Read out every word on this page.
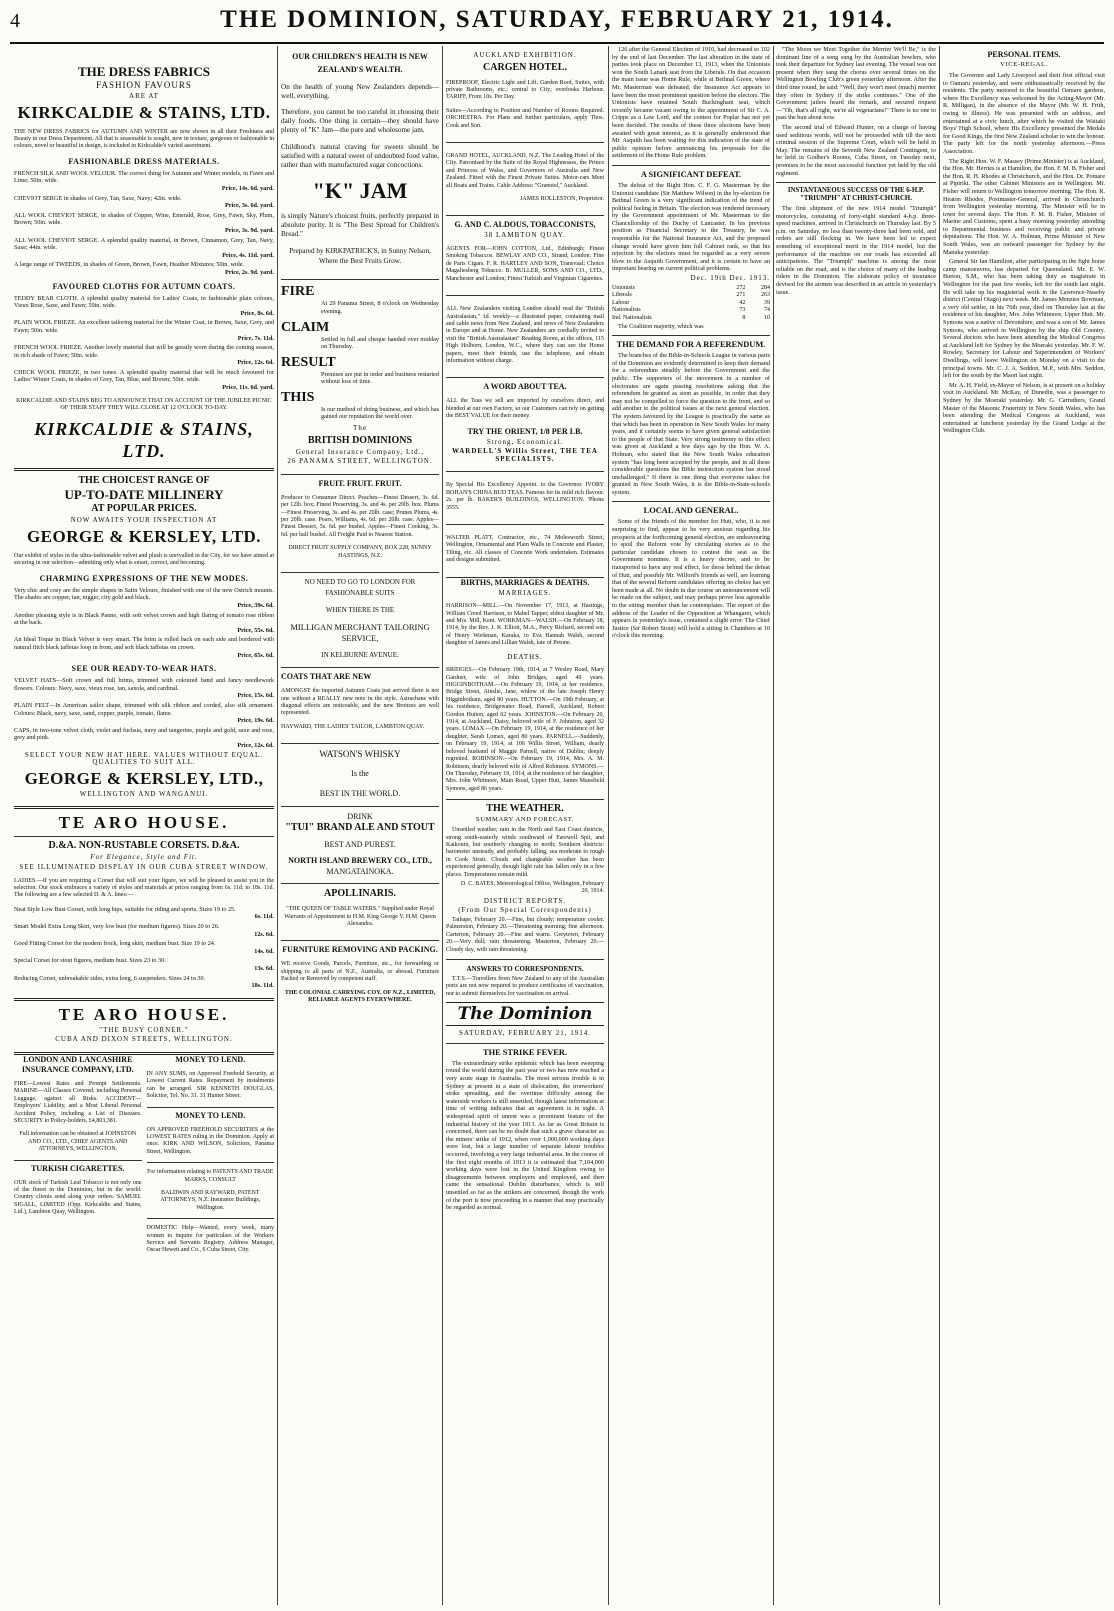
4	THE DOMINION, SATURDAY, FEBRUARY 21, 1914.
THE DRESS FABRICS
FASHION FAVOURS
ARE AT
KIRKCALDIE & STAINS, LTD.

THE NEW DRESS FABRICS for AUTUMN AND WINTER are now shown in all their Freshness and Beauty in our Dress Department. All that is seasonable is sought, new in texture, gorgeous or fashionable in colours, novel or beautiful in design, is included in Kirkcaldie's varied assortment.

FASHIONABLE DRESS MATERIALS.
FRENCH SILK AND WOOL VELOUR. The correct thing for Autumn and Winter models, in Fawn and Lime; 50in. wide.
Price, 14s. 6d. yard.
CHEVIOT SERGE in shades of Grey, Tan, Saxe, Navy; 42in. wide.
Price, 3s. 6d. yard.
ALL WOOL CHEVIOT SERGE, in shades of Copper, Wine, Emerald, Rose, Grey, Fawn, Sky, Plum, Brown; 50in. wide.
Price, 3s. 9d. yard.
ALL WOOL CHEVIOT SERGE. A splendid quality material, in Brown, Cinnamon, Grey, Tan, Navy, Saxe; 44in. wide.
Price, 4s. 11d. yard.
A large range of TWEEDS, in shades of Green, Brown, Fawn, Heather Mixtures; 50in. wide.
Price, 2s. 9d. yard.
FAVOURED CLOTHS FOR AUTUMN COATS.
TEDDY BEAR CLOTH. A splendid quality material for Ladies' Coats, in fashionable plain colours, Vieux Rose, Saxe, and Fawn; 50in. wide.
Price, 8s. 6d.
PLAIN WOOL FRIEZE. An excellent tailoring material for the Winter Coat, in Brown, Saxe, Grey, and Fawn; 50in. wide.
Price, 7s. 11d.
FRENCH WOOL FRIEZE. Another lovely material that will be greatly worn during the coming season, in rich shade of Fawn; 50in. wide.
Price, 12s. 6d.
CHECK WOOL FRIEZE, in two tones. A splendid quality material that will be much favoured for Ladies' Winter Coats, in shades of Grey, Tan, Blue, and Brown; 50in. wide.
Price, 11s. 6d. yard.

KIRKCALDIE AND STAINS BEG TO ANNOUNCE THAT ON ACCOUNT OF THE JUBILEE PICNIC OF THEIR STAFF THEY WILL CLOSE AT 12 O'CLOCK TO-DAY.

KIRKCALDIE & STAINS, LTD.
THE CHOICEST RANGE OF
UP-TO-DATE MILLINERY
AT POPULAR PRICES.
NOW AWAITS YOUR INSPECTION AT
GEORGE & KERSLEY, LTD.

Our exhibit of styles in the ultra-fashionable velvet and plush is unrivalled in the City, for we have aimed at securing in our selection—admitting only what is smart, correct, and becoming.

CHARMING EXPRESSIONS OF THE NEW MODES.
Very chic and cosy are the simple shapes in Satin Velours, finished with one of the new Ostrich mounts. The shades are copper, tan, nigger, city gold and black.
Price, 39s. 6d.
Another pleasing style is in Black Panne, with soft velvet crown and high flaring of tomato rose ribbon at the back.
Price, 55s. 6d.
An Ideal Toque in Black Velvet is very smart. The brim is rolled back on each side and bordered with natural fitch black taffetas loop in front, and soft black taffetas on crown.
Price, 65s. 6d.
SEE OUR READY-TO-WEAR HATS.
VELVET HATS—Soft crown and full brims, trimmed with coloured band and fancy needlework flowers. Colours: Navy, saxe, vieux rose, tan, saxola, and cardinal.
Price, 15s. 6d.
PLAIN FELT—In American sailor shape, trimmed with silk ribbon and corded, also silk ornament. Colours: Black, navy, saxe, sand, copper, purple, tomato, flame.
Price, 19s. 6d.
CAPS, in two-tone velvet cloth, violet and fuchsia, navy and tangerine, purple and gold, saxe and rose, grey and pink.
Price, 12s. 6d.
SELECT YOUR NEW HAT HERE. VALUES WITHOUT EQUAL. QUALITIES TO SUIT ALL.
GEORGE & KERSLEY, LTD.,
WELLINGTON AND WANGANUI.
TE ARO HOUSE.
D.&A. NON-RUSTABLE CORSETS. D.&A.
For Elegance, Style and Fit.
SEE ILLUMINATED DISPLAY IN OUR CUBA STREET WINDOW.

LADIES.—If you are requiring a Corset that will suit your figure, we will be pleased to assist you in the selection. Our stock embraces a variety of styles and materials at prices ranging from 6s. 11d. to 18s. 11d. The following are a few selected D. & A. lines:—

Neat Style Low Bust Corset, with long hips, suitable for riding and sports. Sizes 19 to 25.
6s. 11d.
Smart Model Extra Long Skirt, very low bust (for medium figures). Sizes 20 to 26.
12s. 6d.
Good Fitting Corset for the modern frock, long skirt, medium bust. Size 19 to 24.
14s. 6d.
Special Corset for stout figures, medium bust. Sizes 23 to 30.
13s. 6d.
Reducing Corset, unbreakable sides, extra long, 6 suspenders. Sizes 24 to 30.
18s. 11d.
TE ARO HOUSE.
"THE BUSY CORNER."
CUBA AND DIXON STREETS, WELLINGTON.
LONDON AND LANCASHIRE INSURANCE COMPANY, LTD.

FIRE—Lowest Rates and Prompt Settlements. MARINE—All Classes Covered, including Personal Luggage, against all Risks. ACCIDENT—Employers' Liability, and a Most Liberal Personal Accident Policy, including a List of Diseases. SECURITY to Policy-holders, £4,803,381.

Full information can be obtained at JOHNSTON AND CO., LTD., CHIEF AGENTS AND ATTORNEYS, WELLINGTON.

TURKISH CIGARETTES.

OUR stock of Turkish Leaf Tobacco is not only one of the finest in the Dominion, but in the world. Country clients send along your orders. SAMUEL SIGALL, LIMITED (Opp. Kirkcaldie and Stains, Ltd.), Lambton Quay, Wellington.

MONEY TO LEND.

IN ANY SUMS, on Approved Freehold Security, at Lowest Current Rates. Repayment by instalments can be arranged. SIR KENNETH DOUGLAS, Solicitor, Tel. No. 31. 31 Hunter Street.

MONEY TO LEND.

ON APPROVED FREEHOLD SECURITIES at the LOWEST RATES ruling in the Dominion. Apply at once. KIRK AND WILSON, Solicitors, Panama Street, Wellington.

For information relating to PATENTS AND TRADE MARKS, CONSULT

BALDWIN AND RAYWARD, PATENT ATTORNEYS, N.Z. Insurance Buildings, Wellington.

DOMESTIC Help—Wanted, every week, many women to inquire for particulars of the Workers Service and Servants Registry. Address Manager, Oscar Hewett and Co., 6 Cuba Street, City.

OUR CHILDREN'S HEALTH IS NEW ZEALAND'S WEALTH.

On the health of young New Zealanders depends—well, everything.

Therefore, you cannot be too careful in choosing their daily foods. One thing is certain—they should have plenty of "K" Jam—the pure and wholesome jam.

Childhood's natural craving for sweets should be satisfied with a natural sweet of undoubted food value, rather than with manufactured sugar concoctions.

"K" JAM

is simply Nature's choicest fruits, perfectly prepared in absolute purity. It is "The Best Spread for Children's Bread."

Prepared by KIRKPATRICK'S, in Sunny Nelson, Where the Best Fruits Grow.

FIRE

At 29 Panama Street, 8 o'clock on Wednesday evening.

CLAIM

Settled in full and cheque handed over midday on Thursday.

RESULT

Premises are put in order and business restarted without loss of time.

THIS

Is our method of doing business, and which has gained our reputation the world over.

The
BRITISH DOMINIONS
General Insurance Company, Ltd.,
26 PANAMA STREET, WELLINGTON.
FRUIT. FRUIT. FRUIT.

Producer to Consumer Direct. Peaches—Finest Dessert, 3s. 6d. per 12lb. box; Finest Preserving, 3s. and 4s. per 20lb. box. Plums—Finest Preserving, 3s. and 4s. per 20lb. case; Prunes Plums, 4s. per 20lb. case. Pears, Williams, 4s. 6d. per 20lb. case. Apples—Finest Dessert, 5s. 6d. per bushel. Apples—Finest Cooking, 3s. 6d. per half bushel. All Freight Paid to Nearest Station.

DIRECT FRUIT SUPPLY COMPANY, BOX 228, SUNNY HASTINGS, N.Z.

NO NEED TO GO TO LONDON FOR FASHIONABLE SUITS
WHEN THERE IS THE
MILLIGAN MERCHANT TAILORING SERVICE,
IN KELBURNE AVENUE.
COATS THAT ARE NEW

AMONGST the imported Autumn Coats just arrived there is not one without a REALLY new note in the style. Astrachans with diagonal effects are noticeable, and the new Bronzes are well represented.

HAYWARD, THE LADIES' TAILOR, LAMBTON QUAY.

WATSON'S WHISKY
Is the
BEST IN THE WORLD.
DRINK
"TUI" BRAND ALE AND STOUT
BEST AND PUREST.
NORTH ISLAND BREWERY CO., LTD.,
MANGATAINOKA.
APOLLINARIS.

"THE QUEEN OF TABLE WATERS." Supplied under Royal Warrants of Appointment to H.M. King George V. H.M. Queen Alexandra.

FURNITURE REMOVING AND PACKING.

WE receive Goods, Parcels, Furniture, etc., for forwarding or shipping to all parts of N.Z., Australia, or abroad. Furniture Packed or Removed by competent staff.

THE COLONIAL CARRYING COY. OF N.Z., LIMITED, RELIABLE AGENTS EVERYWHERE.

AUCKLAND EXHIBITION.
CARGEN HOTEL.

FIREPROOF, Electric Light and Lift. Garden Roof, Suites, with private Bathrooms, etc.; central to City; overlooks Harbour. TARIFF, From 10s. Per Day.

Suites—According to Position and Number of Rooms Required. ORCHESTRA. For Plans and further particulars, apply Thos. Cook and Son.

GRAND HOTEL, AUCKLAND, N.Z. The Leading Hotel of the City. Patronised by the Suite of the Royal Highnesses, the Prince and Princess of Wales, and Governors of Australia and New Zealand. Fitted with the Finest Private Suites. Motor-cars Meet all Boats and Trains. Cable Address: "Granotel," Auckland.

JAMES ROLLESTON, Proprietor.

G. AND C. ALDOUS, TOBACCONISTS,
38 LAMBTON QUAY.

AGENTS FOR—JOHN COTTON, Ltd., Edinburgh; Finest Smoking Tobaccos. BEWLAY AND CO., Strand, London: Fine de Paris Cigars. F. R. HARTLEY AND SON, Transvaal; Choice Magaliesberg Tobacco. B. MULLER, SONS AND CO., LTD., Manchester and London; Finest Turkish and Virginian Cigarettes.

ALL New Zealanders visiting London should read the "British Australasian," 1d. weekly—a illustrated paper, containing mail and cable news from New Zealand, and news of New Zealanders in Europe and at Home. New Zealanders are cordially invited to visit the "British Australasian" Reading Room, at the offices, 115 High Holborn, London, W.C., where they can see the Home papers, meet their friends, use the telephone, and obtain information without charge.

A WORD ABOUT TEA.

ALL the Teas we sell are imported by ourselves direct, and blended at our own Factory, so our Customers can rely on getting the BEST VALUE for their money.

TRY THE ORIENT, 1/8 PER LB.
Strong, Economical.
WARDELL'S Willis Street, THE TEA SPECIALISTS.

By Special His Excellency Appoint. to the Governor. IVORY BOHAN'S CHINA BUD TEAS. Famous for its mild rich flavour. 2s. per lb. BAKER'S BUILDINGS, WELLINGTON. 'Phone 3555.

WALTER PLATT, Contractor, etc., 74 Molesworth Street, Wellington, Ornamental and Plain Walls in Concrete and Plaster, Tiling, etc. All classes of Concrete Work undertaken. Estimates and designs submitted.

BIRTHS, MARRIAGES & DEATHS.
MARRIAGES.

HARRISON—MILL.—On November 17, 1913, at Hastings, William Creed Harrison, to Mabel Tapper, eldest daughter of Mr. and Mrs. Mill, Kent. WORKMAN—WALSH.—On February 18, 1914, by the Rev. J. K. Elliott, M.A., Percy Richard, second son of Henry Workman, Karaka, to Eva Hannah Walsh, second daughter of James and Lillian Walsh, late of Petone.

DEATHS.

BRIDGES.—On February 19th, 1914, at 7 Wesley Road, Mary Gardner, wife of John Bridges, aged 49 years. HIGGINBOTHAM.—On February 19, 1914, at her residence, Bridge Street, Ainslie, Jane, widow of the late Joseph Henry Higginbotham, aged 80 years. HUTTON.—On 19th February, at his residence, Bridgewater Road, Parnell, Auckland, Robert Gordon Hutton, aged 62 years. JOHNSTON.—On February 20, 1914, at Auckland, Daisy, beloved wife of F. Johnston, aged 32 years. LOMAX.—On February 19, 1914, at the residence of her daughter, Sarah Lomax, aged 80 years. PARNELL.—Suddenly, on February 19, 1914, at 106 Willis Street, William, dearly beloved husband of Maggie Parnell, native of Dublin; deeply regretted. ROBINSON.—On February 19, 1914, Mrs. A. M. Robinson, dearly beloved wife of Alfred Robinson. SYMONS.—On Thursday, February 19, 1914, at the residence of her daughter, Mrs. John Whitmore, Main Road, Upper Hutt, James Mansfield Symons, aged 86 years.

THE WEATHER.
SUMMARY AND FORECAST.

Unsettled weather, rain in the North and East Coast districts, strong south-easterly winds southward of Farewell Spit, and Kaikoura, but southerly changing to north; Southern districts: barometer unsteady, and probably falling, sea moderate to rough in Cook Strait. Clouds and changeable weather has been experienced generally, though light rain has fallen only in a few places. Temperatures remain mild.

D. C. BATES, Meteorological Office, Wellington, February 20, 1914.

DISTRICT REPORTS.
(From Our Special Correspondents)

Taihape, February 20.—Fine, but cloudy; temperature cooler. Palmerston, February 20.—Threatening morning; fine afternoon. Carterton, February 20.—Fine and warm. Greytown, February 20.—Very dull; rain threatening. Masterton, February 20.—Cloudy day, with rain threatening.

ANSWERS TO CORRESPONDENTS.

T.T.S.—Travellers from New Zealand to any of the Australian ports are not now required to produce certificates of vaccination, nor to submit themselves for vaccination on arrival.

The Dominion
SATURDAY, FEBRUARY 21, 1914.
THE STRIKE FEVER.

The extraordinary strike epidemic which has been sweeping round the world during the past year or two has now reached a very acute stage in Australia. The most serious trouble is in Sydney at present in a state of dislocation, the ironworkers' strike spreading, and the overtime difficulty among the waterside workers is still unsettled, though latest information at time of writing indicates that an agreement is in sight. A widespread spirit of unrest was a prominent feature of the industrial history of the year 1913. As far as Great Britain is concerned, there can be no doubt that such a grave character as the miners' strike of 1912, when over 1,000,000 working days were lost, but a large number of separate labour troubles occurred, involving a very large industrial area. In the course of the first eight months of 1913 it is estimated that 7,104,000 working days were lost in the United Kingdom owing to disagreements between employers and employed, and then came the sensational Dublin disturbance, which is still unsettled so far as the strikers are concerned, though the work of the port is now proceeding in a manner that may practically be regarded as normal.

126 after the General Election of 1910, had decreased to 102 by the end of last December. The last alteration in the state of parties took place on December 13, 1913, when the Unionists won the South Lanark seat from the Liberals. On that occasion the main issue was Home Rule, while at Bethnal Green, where Mr. Masterman was defeated, the Insurance Act appears to have been the most prominent question before the electors. The Unionists have retained South Buckingham seat, which recently became vacant owing to the appointment of Sir C. A. Cripps as a Law Lord, and the contest for Poplar has not yet been decided. The results of these three elections have been awaited with great interest, as it is generally understood that Mr. Asquith has been waiting for this indication of the state of public opinion before announcing his proposals for the settlement of the Home Rule problem.

A SIGNIFICANT DEFEAT.

The defeat of the Right Hon. C. F. G. Masterman by the Unionist candidate (Sir Matthew Wilson) in the by-election for Bethnal Green is a very significant indication of the trend of political feeling in Britain. The election was rendered necessary by the Government appointment of Mr. Masterman to the Chancellorship of the Duchy of Lancaster. In his previous position as Financial Secretary to the Treasury, he was responsible for the National Insurance Act, and the proposed change would have given him full Cabinet rank, so that his rejection by the electors must be regarded as a very severe blow to the Asquith Government, and it is certain to have an important bearing on current political problems.

Dec. 19th Dec. 1913.
Unionists	272	284
Liberals	271	263
Labour	42	39
Nationalists	73	74
Ind. Nationalists	8	10

The Coalition majority, which was

THE DEMAND FOR A REFERENDUM.

The branches of the Bible-in-Schools League in various parts of the Dominion are evidently determined to keep their demand for a referendum steadily before the Government and the public. The supporters of the movement in a number of electorates are again passing resolutions asking that the referendum be granted as soon as possible, in order that they may not be compelled to force the question to the front, and so add another to the political issues at the next general election. The system favoured by the League is practically the same as that which has been in operation in New South Wales for many years, and it certainly seems to have given general satisfaction to the people of that State. Very strong testimony to this effect was given at Auckland a few days ago by the Hon. W. A. Holman, who stated that the New South Wales education system "has long been accepted by the people, and in all these considerable questions the Bible instruction system has stood unchallenged." If there is one thing that everyone takes for granted in New South Wales, it is the Bible-in-State-schools system.

LOCAL AND GENERAL.

Some of the friends of the member for Hutt, who, it is not surprising to find, appear to be very anxious regarding his prospects at the forthcoming general election, are endeavouring to spoil the Reform vote by circulating stories as to the particular candidate chosen to contest the seat as the Government nominee. It is a heavy decree, and to be transported to have any real effect, for those behind the defeat of Hutt, and possibly Mr. Wilford's friends as well, are learning that of the several Reform candidates offering no choice has yet been made at all. No doubt in due course an announcement will be made on the subject, and may perhaps prove less agreeable to the sitting member than he contemplates. The report of the address of the Leader of the Opposition at Whangarei, which appears in yesterday's issue, contained a slight error. The Chief Justice (Sir Robert Stout) will hold a sitting in Chambers at 10 o'clock this morning.

"The Moon we Meet Together the Merrier We'll Be," is the dominant line of a song sung by the Australian bowlers, who took their departure for Sydney last evening. The vessel was not present when they sang the chorus over several times on the Wellington Bowling Club's green yesterday afternoon. After the third time round, he said: "Well, they won't meet (much) merrier they often in Sydney if the strike continues." One of the Government jailers heard the remark, and secured request—"Oh, that's all right, we're all vegetarians!" There is no one to pass the bun about now.

The second trial of Edward Hunter, on a charge of having used seditious words, will not be proceeded with till the next criminal session of the Supreme Court, which will be held in May. The remains of the Seventh New Zealand Contingent, to be held in Godber's Rooms, Cuba Street, on Tuesday next, promises to be the most successful function yet held by the old regiment.

INSTANTANEOUS SUCCESS OF THE 6-H.P. "TRIUMPH" AT CHRIST-CHURCH.

The first shipment of the new 1914 model "Triumph" motorcycles, consisting of forty-eight standard 4-h.p. three-speed machines, arrived in Christchurch on Thursday last. By 5 p.m. on Saturday, no less than twenty-three had been sold, and orders are still flocking in. We have been led to expect something of exceptional merit in the 1914 model, but the performance of the machine on our roads has exceeded all anticipations. The "Triumph" machine is among the most reliable on the road, and is the choice of many of the leading riders in the Dominion. The elaborate policy of insurance devised for the airmen was described in an article in yesterday's issue.

PERSONAL ITEMS.
VICE-REGAL.

The Governor and Lady Liverpool and their first official visit to Oamaru yesterday, and were enthusiastically received by the residents. The party motored to the beautiful Oamaru gardens, where His Excellency was welcomed by the Acting-Mayor (Mr. R. Milligan), in the absence of the Mayor (Mr. W. H. Frith, owing to illness). He was presented with an address, and entertained at a civic lunch, after which he visited the Waitaki Boys' High School, where His Excellency presented the Medals for Good Kings, the first New Zealand scholar to win the honour. The party left for the north yesterday afternoon.—Press Association.

The Right Hon. W. F. Massey (Prime Minister) is at Auckland, the Hon. Mr. Herries is at Hamilton, the Hon. F. M. B. Fisher and the Hon. R. H. Rhodes at Christchurch, and the Hon. Dr. Pomare at Pipiriki. The other Cabinet Ministers are in Wellington. Mr. Fisher will return to Wellington tomorrow morning. The Hon. R. Heaton Rhodes, Postmaster-General, arrived in Christchurch from Wellington yesterday morning. The Minister will be in town for several days. The Hon. F. M. B. Fisher, Minister of Marine and Customs, spent a busy morning yesterday attending to Departmental business and receiving public and private deputations. The Hon. W. A. Holman, Prime Minister of New South Wales, was an outward passenger for Sydney by the Manuka yesterday.

General Sir Ian Hamilton, after participating in the fight horse camp manoeuvres, has departed for Queensland. Mr. E. W. Burton, S.M., who has been taking duty as magistrate in Wellington for the past few weeks, left for the south last night. He will take up his magisterial work in the Lawrence-Naseby district (Central Otago) next week. Mr. James Menzies Bowman, a very old settler, in his 76th year, died on Thursday last at the residence of his daughter, Mrs. John Whitmore, Upper Hutt. Mr. Symons was a native of Devonshire, and was a son of Mr. James Symons, who arrived in Wellington by the ship Old Country. Several doctors who have been attending the Medical Congress at Auckland left for Sydney by the Moeraki yesterday. Mr. F. W. Rowley, Secretary for Labour and Superintendent of Workers' Dwellings, will leave Wellington on Monday on a visit to the principal towns. Mr. C. J. A. Seddon, M.P., with Mrs. Seddon, left for the south by the Maori last night.

Mr. A. H. Field, ex-Mayor of Nelson, is at present on a holiday visit in Auckland. Mr. McKay, of Dunedin, was a passenger to Sydney by the Moeraki yesterday. Mr. G. Carruthers, Grand Master of the Masonic Fraternity in New South Wales, who has been attending the Medical Congress at Auckland, was entertained at luncheon yesterday by the Grand Lodge at the Wellington Club.
